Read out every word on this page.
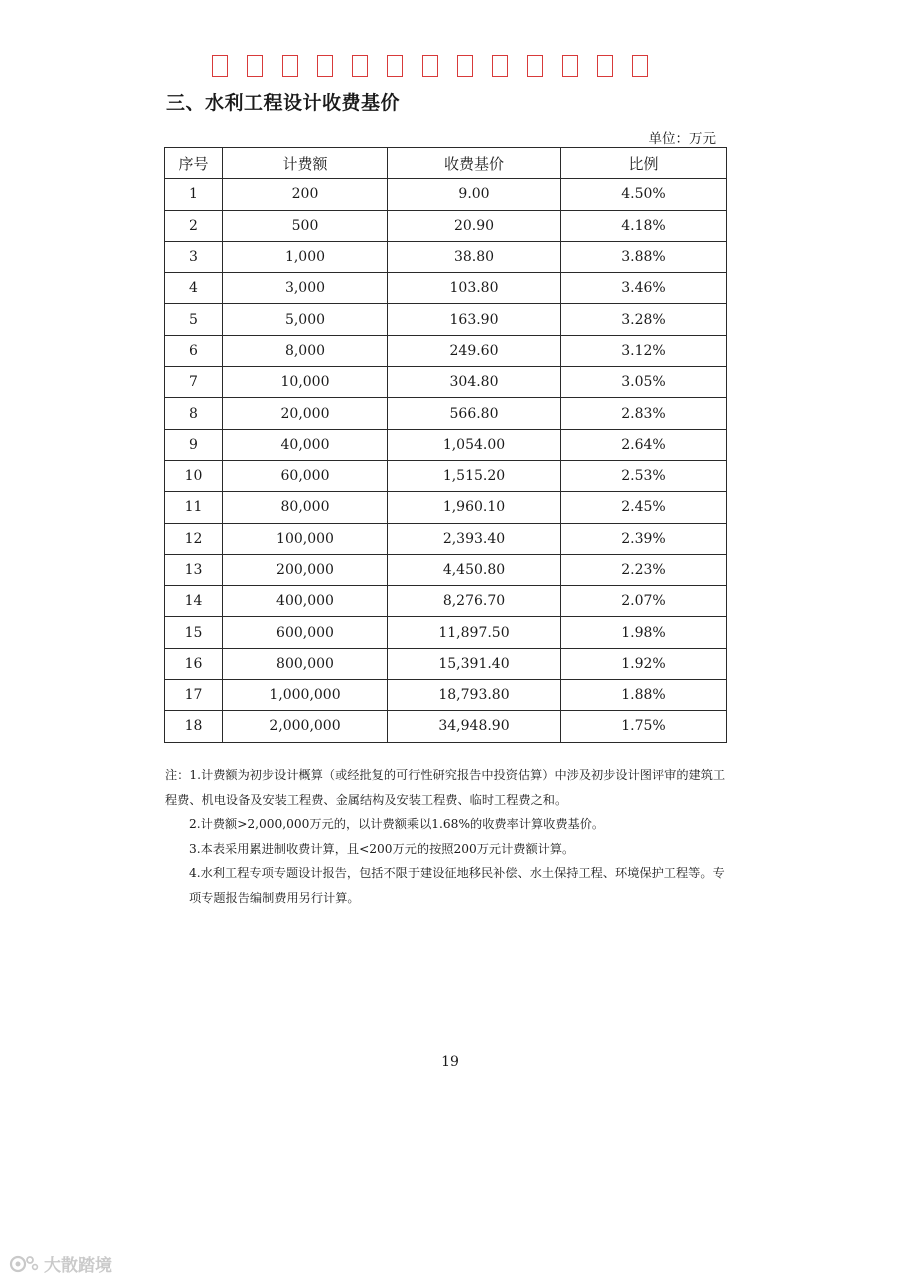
三、水利工程设计收费基价
单位：万元
序号	计费额	收费基价	比例
1	200	9.00	4.50%
2	500	20.90	4.18%
3	1,000	38.80	3.88%
4	3,000	103.80	3.46%
5	5,000	163.90	3.28%
6	8,000	249.60	3.12%
7	10,000	304.80	3.05%
8	20,000	566.80	2.83%
9	40,000	1,054.00	2.64%
10	60,000	1,515.20	2.53%
11	80,000	1,960.10	2.45%
12	100,000	2,393.40	2.39%
13	200,000	4,450.80	2.23%
14	400,000	8,276.70	2.07%
15	600,000	11,897.50	1.98%
16	800,000	15,391.40	1.92%
17	1,000,000	18,793.80	1.88%
18	2,000,000	34,948.90	1.75%

注：1.计费额为初步设计概算（或经批复的可行性研究报告中投资估算）中涉及初步设计图评审的建筑工程费、机电设备及安装工程费、金属结构及安装工程费、临时工程费之和。

2.计费额>2,000,000万元的，以计费额乘以1.68%的收费率计算收费基价。

3.本表采用累进制收费计算，且<200万元的按照200万元计费额计算。

4.水利工程专项专题设计报告，包括不限于建设征地移民补偿、水土保持工程、环境保护工程等。专项专题报告编制费用另行计算。

19
大散踏境
